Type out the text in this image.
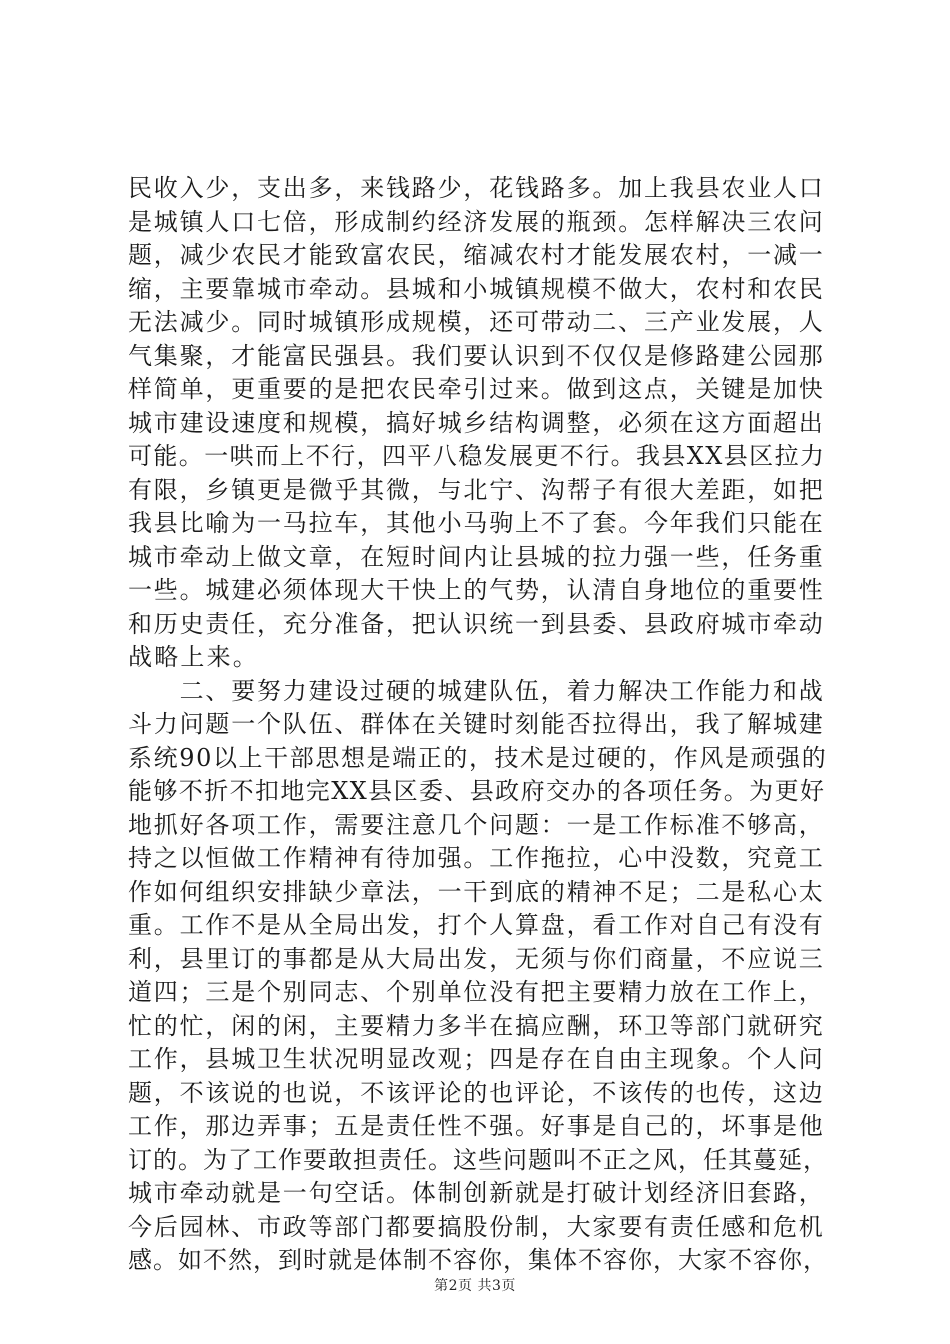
民收入少，支出多，来钱路少，花钱路多。加上我县农业人口
是城镇人口七倍，形成制约经济发展的瓶颈。怎样解决三农问
题，减少农民才能致富农民，缩减农村才能发展农村，一减一
缩，主要靠城市牵动。县城和小城镇规模不做大，农村和农民
无法减少。同时城镇形成规模，还可带动二、三产业发展，人
气集聚，才能富民强县。我们要认识到不仅仅是修路建公园那
样简单，更重要的是把农民牵引过来。做到这点，关键是加快
城市建设速度和规模，搞好城乡结构调整，必须在这方面超出
可能。一哄而上不行，四平八稳发展更不行。我县XX县区拉力
有限，乡镇更是微乎其微，与北宁、沟帮子有很大差距，如把
我县比喻为一马拉车，其他小马驹上不了套。今年我们只能在
城市牵动上做文章，在短时间内让县城的拉力强一些，任务重
一些。城建必须体现大干快上的气势，认清自身地位的重要性
和历史责任，充分准备，把认识统一到县委、县政府城市牵动
战略上来。
　　二、要努力建设过硬的城建队伍，着力解决工作能力和战
斗力问题一个队伍、群体在关键时刻能否拉得出，我了解城建
系统90以上干部思想是端正的，技术是过硬的，作风是顽强的
能够不折不扣地完XX县区委、县政府交办的各项任务。为更好
地抓好各项工作，需要注意几个问题：一是工作标准不够高，
持之以恒做工作精神有待加强。工作拖拉，心中没数，究竟工
作如何组织安排缺少章法，一干到底的精神不足；二是私心太
重。工作不是从全局出发，打个人算盘，看工作对自己有没有
利，县里订的事都是从大局出发，无须与你们商量，不应说三
道四；三是个别同志、个别单位没有把主要精力放在工作上，
忙的忙，闲的闲，主要精力多半在搞应酬，环卫等部门就研究
工作，县城卫生状况明显改观；四是存在自由主现象。个人问
题，不该说的也说，不该评论的也评论，不该传的也传，这边
工作，那边弄事；五是责任性不强。好事是自己的，坏事是他
订的。为了工作要敢担责任。这些问题叫不正之风，任其蔓延，
城市牵动就是一句空话。体制创新就是打破计划经济旧套路，
今后园林、市政等部门都要搞股份制，大家要有责任感和危机
感。如不然，到时就是体制不容你，集体不容你，大家不容你，
第2页 共3页
